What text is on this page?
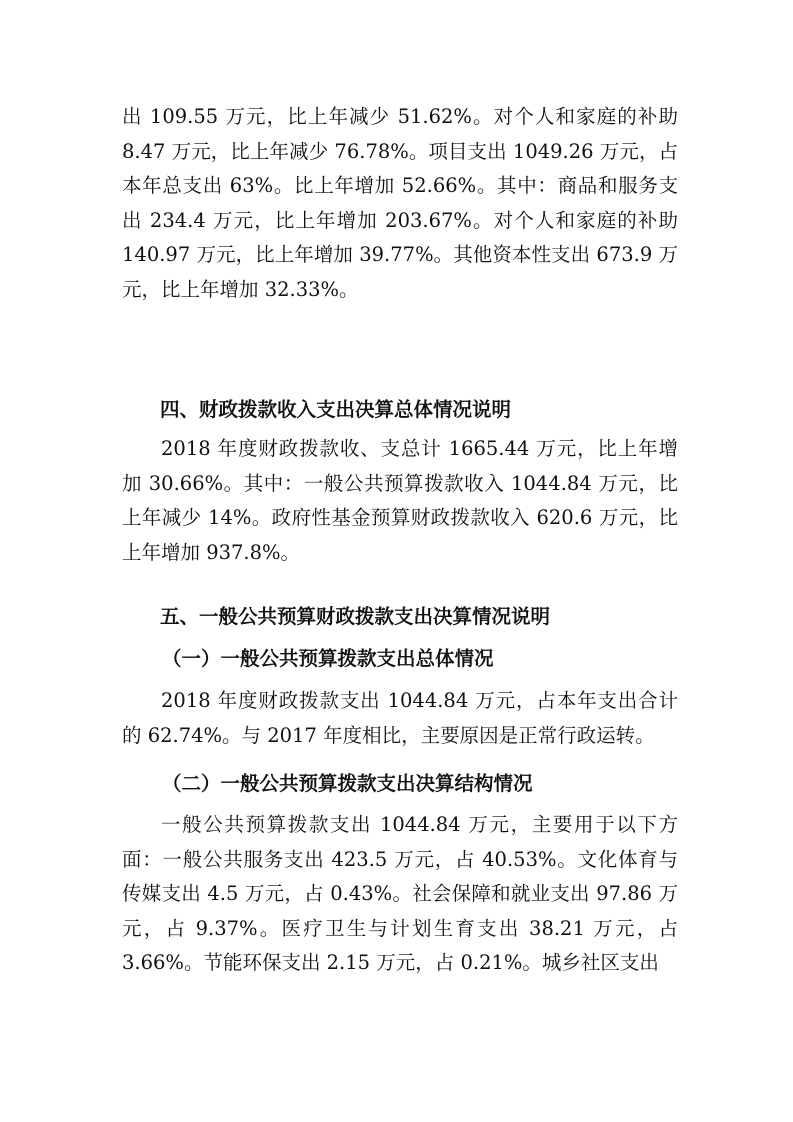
出 109.55 万元，比上年减少 51.62%。对个人和家庭的补助 8.47 万元，比上年减少 76.78%。项目支出 1049.26 万元，占本年总支出 63%。比上年增加 52.66%。其中：商品和服务支出 234.4 万元，比上年增加 203.67%。对个人和家庭的补助 140.97 万元，比上年增加 39.77%。其他资本性支出 673.9 万元，比上年增加 32.33%。

四、财政拨款收入支出决算总体情况说明

2018 年度财政拨款收、支总计 1665.44 万元，比上年增加 30.66%。其中：一般公共预算拨款收入 1044.84 万元，比上年减少 14%。政府性基金预算财政拨款收入 620.6 万元，比上年增加 937.8%。

五、一般公共预算财政拨款支出决算情况说明
（一）一般公共预算拨款支出总体情况

2018 年度财政拨款支出 1044.84 万元，占本年支出合计的 62.74%。与 2017 年度相比，主要原因是正常行政运转。

（二）一般公共预算拨款支出决算结构情况

一般公共预算拨款支出 1044.84 万元，主要用于以下方面：一般公共服务支出 423.5 万元，占 40.53%。文化体育与传媒支出 4.5 万元，占 0.43%。社会保障和就业支出 97.86 万元，占 9.37%。医疗卫生与计划生育支出 38.21 万元，占 3.66%。节能环保支出 2.15 万元，占 0.21%。城乡社区支出
